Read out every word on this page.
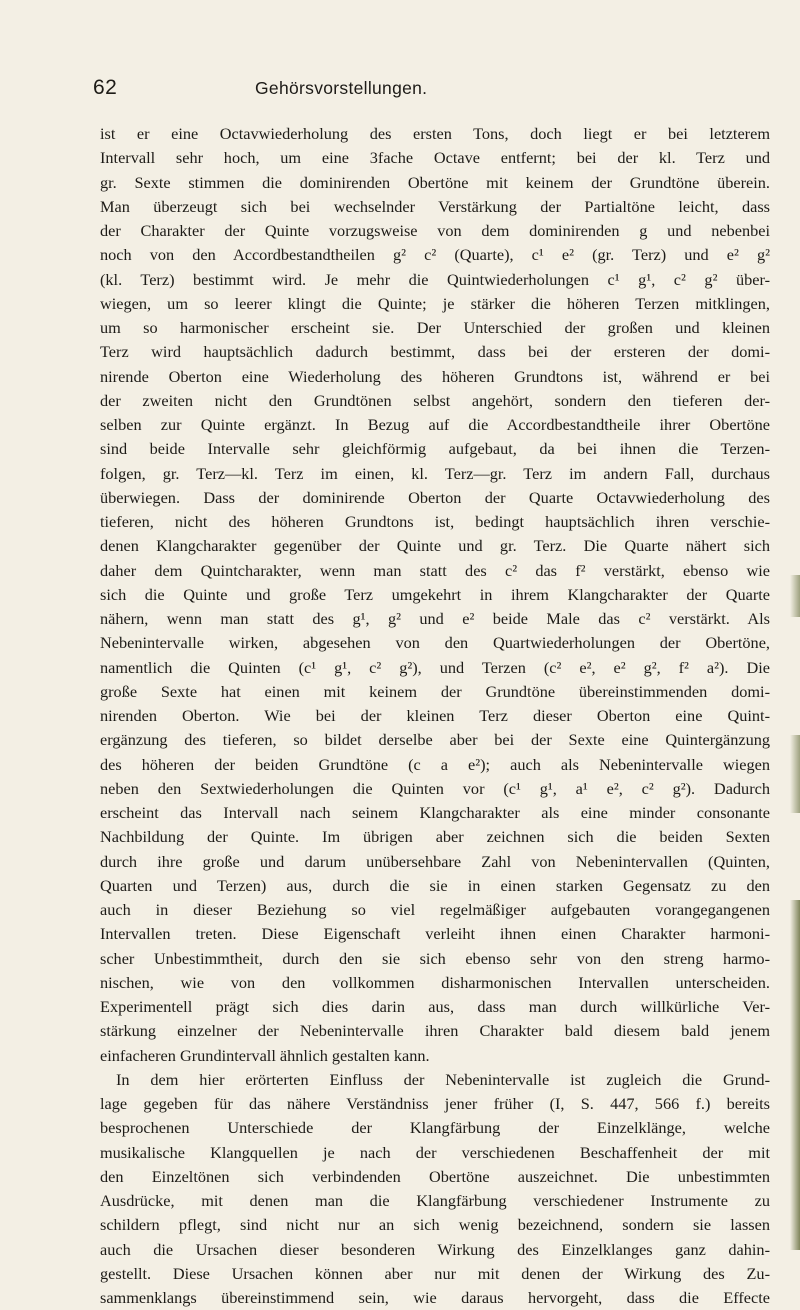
62	Gehörsvorstellungen.
ist er eine Octavwiederholung des ersten Tons, doch liegt er bei letzterem
Intervall sehr hoch, um eine 3fache Octave entfernt; bei der kl. Terz und
gr. Sexte stimmen die dominirenden Obertöne mit keinem der Grundtöne überein.
Man überzeugt sich bei wechselnder Verstärkung der Partialtöne leicht, dass
der Charakter der Quinte vorzugsweise von dem dominirenden g und nebenbei
noch von den Accordbestandtheilen g² c² (Quarte), c¹ e² (gr. Terz) und e² g²
(kl. Terz) bestimmt wird. Je mehr die Quintwiederholungen c¹ g¹, c² g² über-
wiegen, um so leerer klingt die Quinte; je stärker die höheren Terzen mitklingen,
um so harmonischer erscheint sie. Der Unterschied der großen und kleinen
Terz wird hauptsächlich dadurch bestimmt, dass bei der ersteren der domi-
nirende Oberton eine Wiederholung des höheren Grundtons ist, während er bei
der zweiten nicht den Grundtönen selbst angehört, sondern den tieferen der-
selben zur Quinte ergänzt. In Bezug auf die Accordbestandtheile ihrer Obertöne
sind beide Intervalle sehr gleichförmig aufgebaut, da bei ihnen die Terzen-
folgen, gr. Terz—kl. Terz im einen, kl. Terz—gr. Terz im andern Fall, durchaus
überwiegen. Dass der dominirende Oberton der Quarte Octavwiederholung des
tieferen, nicht des höheren Grundtons ist, bedingt hauptsächlich ihren verschie-
denen Klangcharakter gegenüber der Quinte und gr. Terz. Die Quarte nähert sich
daher dem Quintcharakter, wenn man statt des c² das f² verstärkt, ebenso wie
sich die Quinte und große Terz umgekehrt in ihrem Klangcharakter der Quarte
nähern, wenn man statt des g¹, g² und e² beide Male das c² verstärkt. Als
Nebenintervalle wirken, abgesehen von den Quartwiederholungen der Obertöne,
namentlich die Quinten (c¹ g¹, c² g²), und Terzen (c² e², e² g², f² a²). Die
große Sexte hat einen mit keinem der Grundtöne übereinstimmenden domi-
nirenden Oberton. Wie bei der kleinen Terz dieser Oberton eine Quint-
ergänzung des tieferen, so bildet derselbe aber bei der Sexte eine Quintergänzung
des höheren der beiden Grundtöne (c a e²); auch als Nebenintervalle wiegen
neben den Sextwiederholungen die Quinten vor (c¹ g¹, a¹ e², c² g²). Dadurch
erscheint das Intervall nach seinem Klangcharakter als eine minder consonante
Nachbildung der Quinte. Im übrigen aber zeichnen sich die beiden Sexten
durch ihre große und darum unübersehbare Zahl von Nebenintervallen (Quinten,
Quarten und Terzen) aus, durch die sie in einen starken Gegensatz zu den
auch in dieser Beziehung so viel regelmäßiger aufgebauten vorangegangenen
Intervallen treten. Diese Eigenschaft verleiht ihnen einen Charakter harmoni-
scher Unbestimmtheit, durch den sie sich ebenso sehr von den streng harmo-
nischen, wie von den vollkommen disharmonischen Intervallen unterscheiden.
Experimentell prägt sich dies darin aus, dass man durch willkürliche Ver-
stärkung einzelner der Nebenintervalle ihren Charakter bald diesem bald jenem
einfacheren Grundintervall ähnlich gestalten kann.
In dem hier erörterten Einfluss der Nebenintervalle ist zugleich die Grund-
lage gegeben für das nähere Verständniss jener früher (I, S. 447, 566 f.) bereits
besprochenen Unterschiede der Klangfärbung der Einzelklänge, welche
musikalische Klangquellen je nach der verschiedenen Beschaffenheit der mit
den Einzeltönen sich verbindenden Obertöne auszeichnet. Die unbestimmten
Ausdrücke, mit denen man die Klangfärbung verschiedener Instrumente zu
schildern pflegt, sind nicht nur an sich wenig bezeichnend, sondern sie lassen
auch die Ursachen dieser besonderen Wirkung des Einzelklanges ganz dahin-
gestellt. Diese Ursachen können aber nur mit denen der Wirkung des Zu-
sammenklangs übereinstimmend sein, wie daraus hervorgeht, dass die Effecte
